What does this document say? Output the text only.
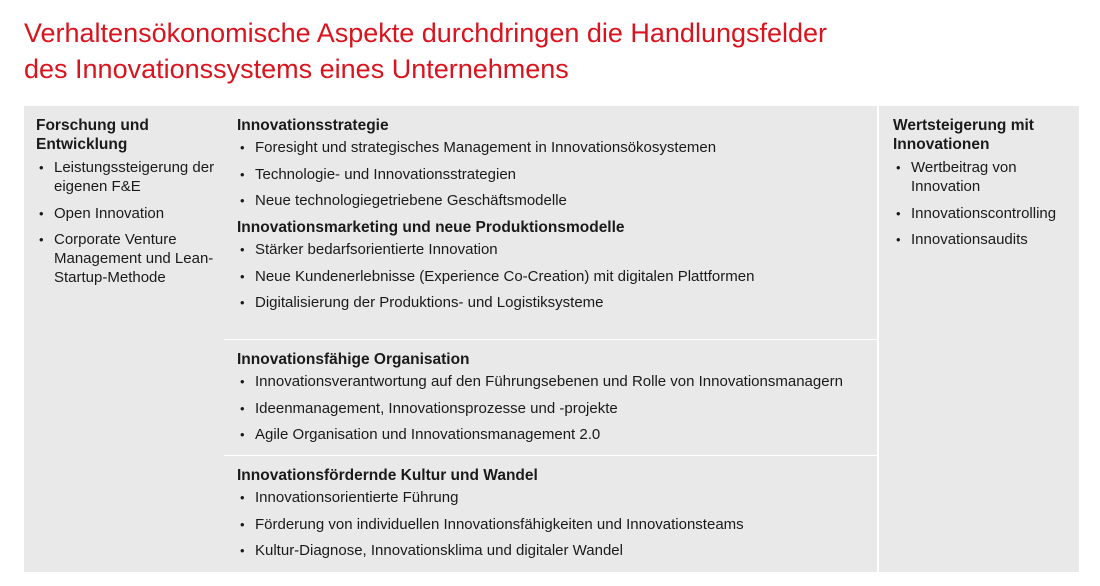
Verhaltensökonomische Aspekte durchdringen die Handlungsfelder
des Innovationssystems eines Unternehmens
Forschung und Entwicklung
• Leistungssteigerung der eigenen F&E
• Open Innovation
• Corporate Venture Management und Lean-Startup-Methode
Innovationsstrategie
• Foresight und strategisches Management in Innovationsökosystemen
• Technologie- und Innovationsstrategien
• Neue technologiegetriebene Geschäftsmodelle
Innovationsmarketing und neue Produktionsmodelle
• Stärker bedarfsorientierte Innovation
• Neue Kundenerlebnisse (Experience Co-Creation) mit digitalen Plattformen
• Digitalisierung der Produktions- und Logistiksysteme
Innovationsfähige Organisation
• Innovationsverantwortung auf den Führungsebenen und Rolle von Innovationsmanagern
• Ideenmanagement, Innovationsprozesse und -projekte
• Agile Organisation und Innovationsmanagement 2.0
Innovationsfördernde Kultur und Wandel
• Innovationsorientierte Führung
• Förderung von individuellen Innovationsfähigkeiten und Innovationsteams
• Kultur-Diagnose, Innovationsklima und digitaler Wandel
Wertsteigerung mit Innovationen
• Wertbeitrag von Innovation
• Innovationscontrolling
• Innovationsaudits
